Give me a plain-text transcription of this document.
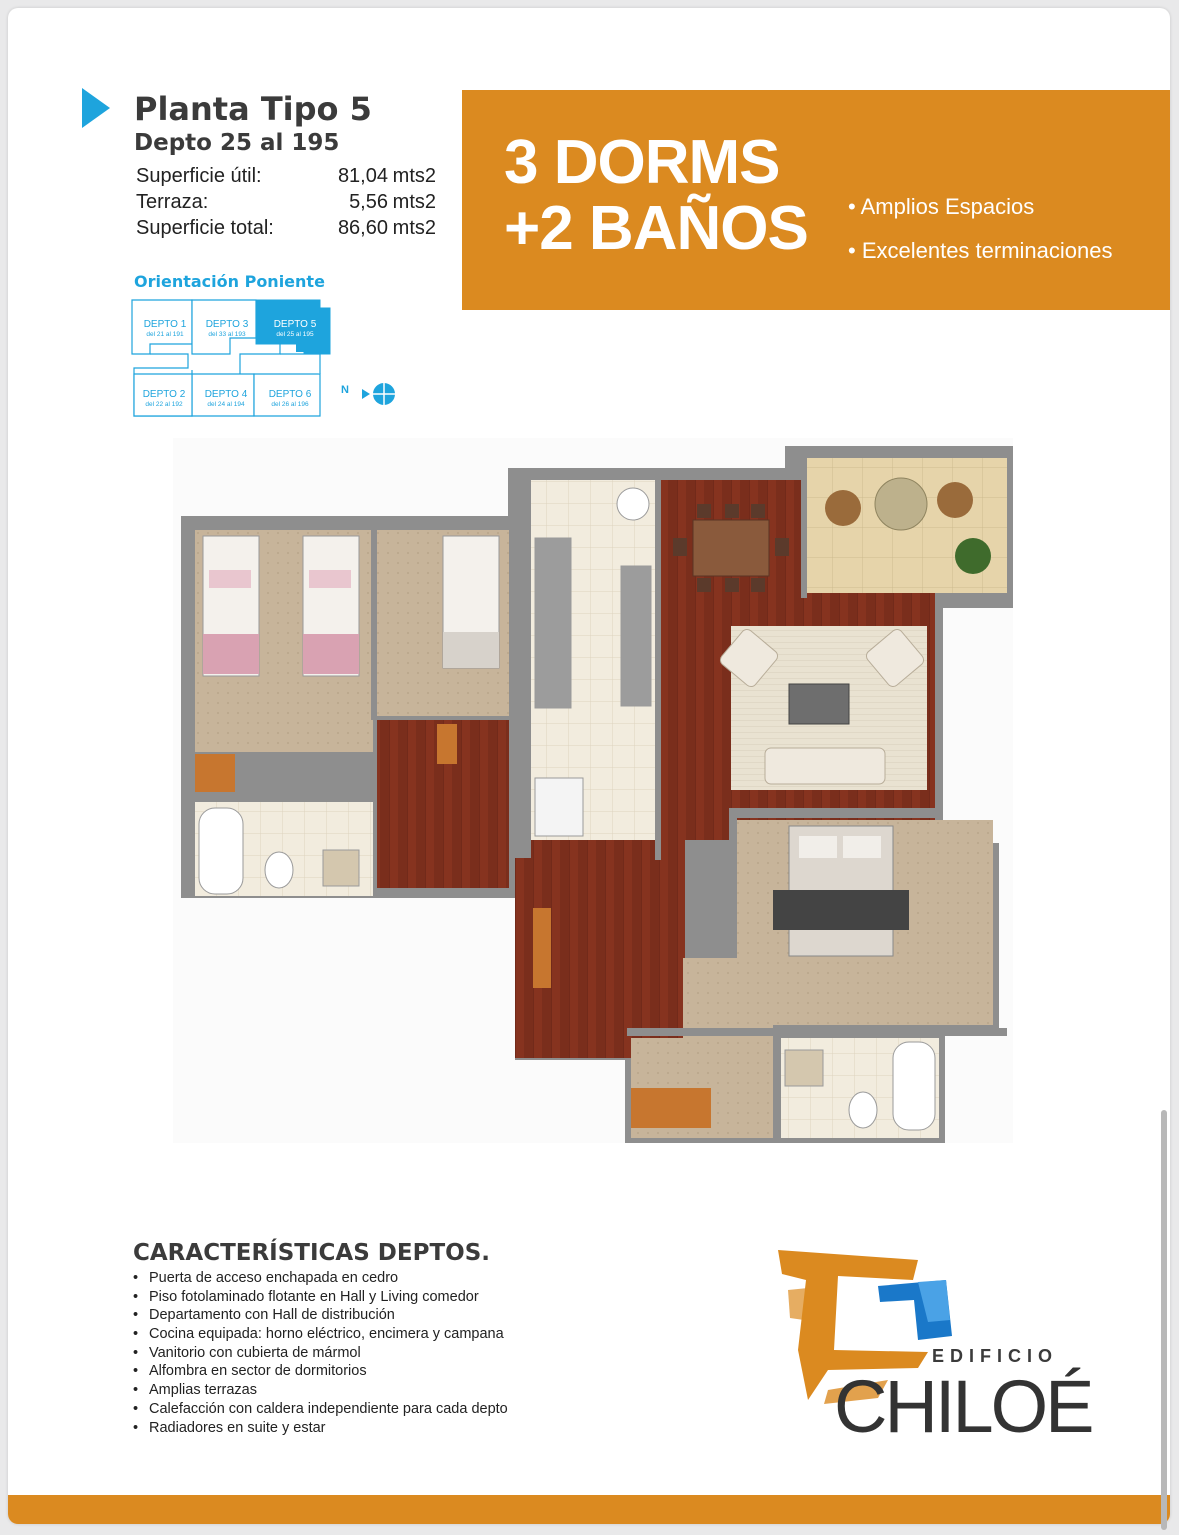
Planta Tipo 5
Depto 25 al 195
Superficie útil:	81,04 mts2
Terraza:	5,56 mts2
Superficie total:	86,60 mts2
Orientación Poniente
DEPTO 1
del 21 al 191
DEPTO 3
del 33 al 193
DEPTO 5
del 25 al 195
DEPTO 2
del 22 al 192
DEPTO 4
del 24 al 194
DEPTO 6
del 26 al 196
N
3 DORMS
+2 BAÑOS • Amplios Espacios
• Excelentes terminaciones
CARACTERÍSTICAS DEPTOS.
• Puerta de acceso enchapada en cedro
• Piso fotolaminado flotante en Hall y Living comedor
• Departamento con Hall de distribución
• Cocina equipada: horno eléctrico, encimera y campana
• Vanitorio con cubierta de mármol
• Alfombra en sector de dormitorios
• Amplias terrazas
• Calefacción con caldera independiente para cada depto
• Radiadores en suite y estar
EDIFICIO
CHILOÉ
